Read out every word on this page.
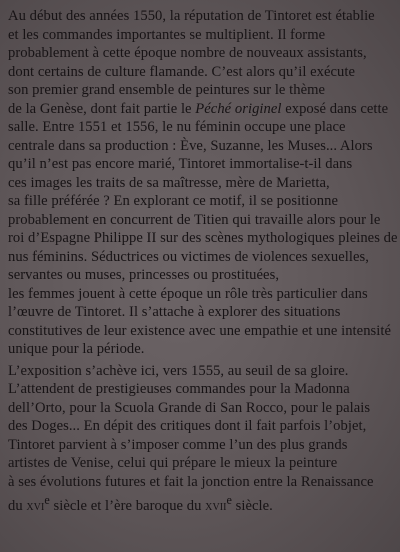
Au début des années 1550, la réputation de Tintoret est établie
et les commandes importantes se multiplient. Il forme
probablement à cette époque nombre de nouveaux assistants,
dont certains de culture flamande. C’est alors qu’il exécute
son premier grand ensemble de peintures sur le thème
de la Genèse, dont fait partie le Péché originel exposé dans cette
salle. Entre 1551 et 1556, le nu féminin occupe une place
centrale dans sa production : Ève, Suzanne, les Muses... Alors
qu’il n’est pas encore marié, Tintoret immortalise-t-il dans
ces images les traits de sa maîtresse, mère de Marietta,
sa fille préférée ? En explorant ce motif, il se positionne
probablement en concurrent de Titien qui travaille alors pour le
roi d’Espagne Philippe II sur des scènes mythologiques pleines de
nus féminins. Séductrices ou victimes de violences sexuelles,
servantes ou muses, princesses ou prostituées,
les femmes jouent à cette époque un rôle très particulier dans
l’œuvre de Tintoret. Il s’attache à explorer des situations
constitutives de leur existence avec une empathie et une intensité
unique pour la période.
L’exposition s’achève ici, vers 1555, au seuil de sa gloire.
L’attendent de prestigieuses commandes pour la Madonna
dell’Orto, pour la Scuola Grande di San Rocco, pour le palais
des Doges... En dépit des critiques dont il fait parfois l’objet,
Tintoret parvient à s’imposer comme l’un des plus grands
artistes de Venise, celui qui prépare le mieux la peinture
à ses évolutions futures et fait la jonction entre la Renaissance
du xvi$^e$ siècle et l’ère baroque du xvii$^e$ siècle.
